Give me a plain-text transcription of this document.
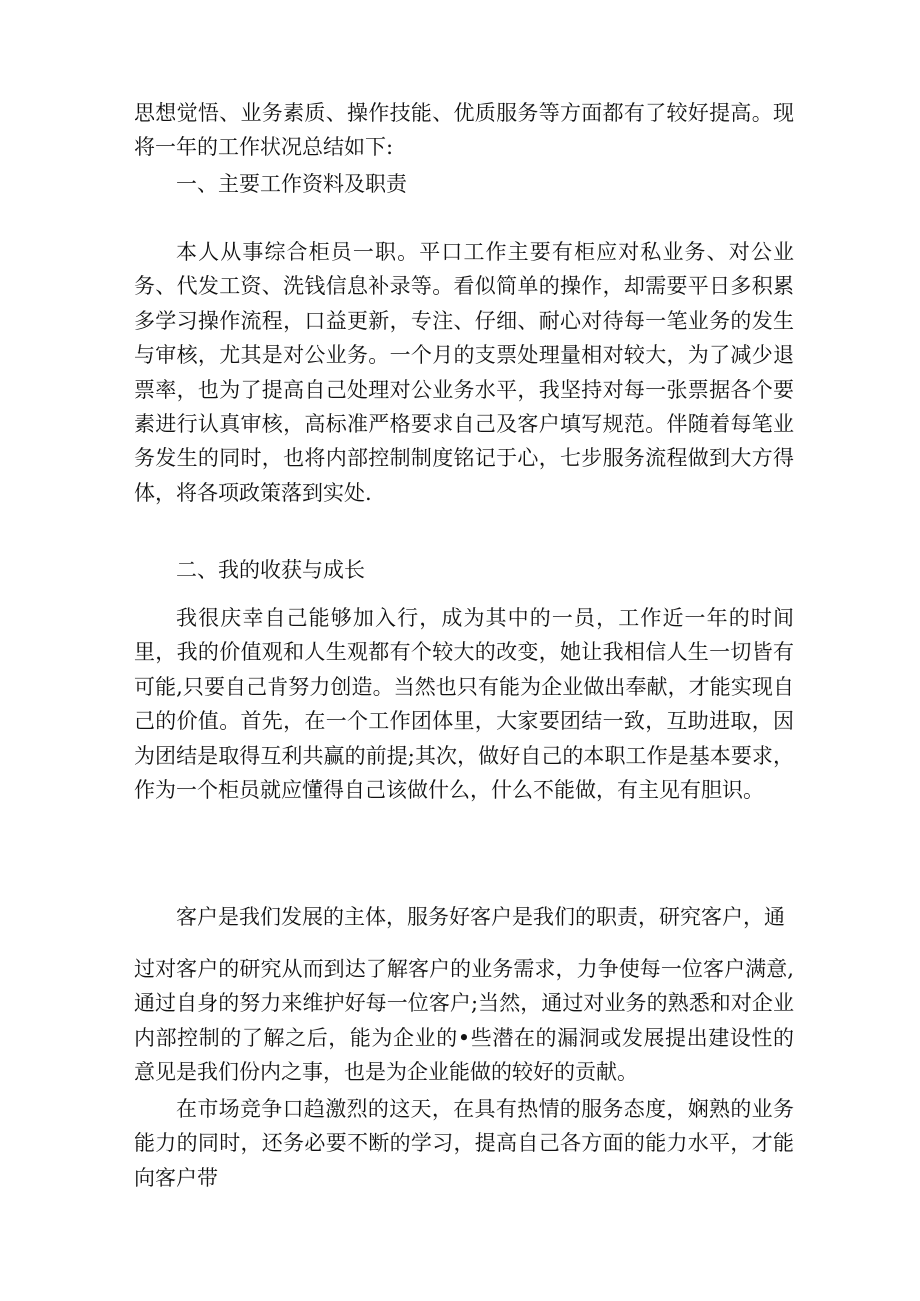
思想觉悟、业务素质、操作技能、优质服务等方面都有了较好提高。现将一年的工作状况总结如下:

一、主要工作资料及职责

本人从事综合柜员一职。平口工作主要有柜应对私业务、对公业务、代发工资、洗钱信息补录等。看似简单的操作，却需要平日多积累多学习操作流程，口益更新，专注、仔细、耐心对待每一笔业务的发生与审核，尤其是对公业务。一个月的支票处理量相对较大，为了减少退票率，也为了提高自己处理对公业务水平，我坚持对每一张票据各个要素进行认真审核，高标准严格要求自己及客户填写规范。伴随着每笔业务发生的同时，也将内部控制制度铭记于心，七步服务流程做到大方得体，将各项政策落到实处.

二、我的收获与成长

我很庆幸自己能够加入行，成为其中的一员，工作近一年的时间里，我的价值观和人生观都有个较大的改变，她让我相信人生一切皆有可能,只要自己肯努力创造。当然也只有能为企业做出奉献，才能实现自己的价值。首先，在一个工作团体里，大家要团结一致，互助进取，因为团结是取得互利共赢的前提;其次，做好自己的本职工作是基本要求，作为一个柜员就应懂得自己该做什么，什么不能做，有主见有胆识。

客户是我们发展的主体，服务好客户是我们的职责，研究客户，通

过对客户的研究从而到达了解客户的业务需求，力争使每一位客户满意,通过自身的努力来维护好每一位客户;当然，通过对业务的熟悉和对企业内部控制的了解之后，能为企业的•些潜在的漏洞或发展提出建设性的意见是我们份内之事，也是为企业能做的较好的贡献。

在市场竞争口趋激烈的这天，在具有热情的服务态度，娴熟的业务能力的同时，还务必要不断的学习，提高自己各方面的能力水平，才能向客户带
